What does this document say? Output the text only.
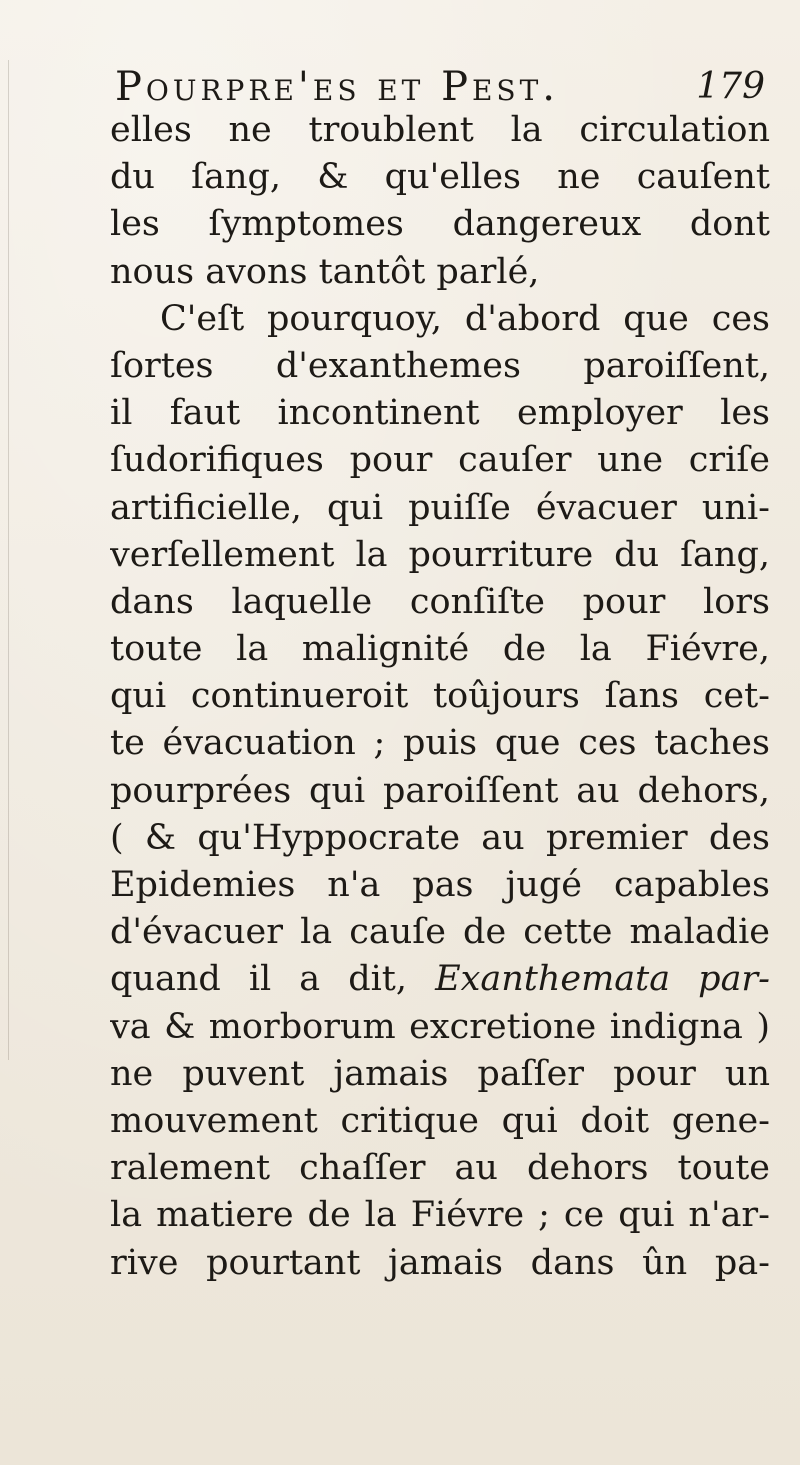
Pourpre'es et Pest.	179
elles ne troublent la circulation
du ſang, & qu'elles ne cauſent
les ſymptomes dangereux dont
nous avons tantôt parlé,
C'eſt pourquoy, d'abord que ces
ſortes d'exanthemes paroiſſent,
il faut incontinent employer les
ſudorifiques pour cauſer une criſe
artificielle, qui puiſſe évacuer uni-
verſellement la pourriture du ſang,
dans laquelle conſiſte pour lors
toute la malignité de la Fiévre,
qui continueroit toûjours ſans cet-
te évacuation ; puis que ces taches
pourprées qui paroiſſent au dehors,
( & qu'Hyppocrate au premier des
Epidemies n'a pas jugé capables
d'évacuer la cauſe de cette maladie
quand il a dit, Exanthemata par-
va & morborum excretione indigna )
ne puvent jamais paſſer pour un
mouvement critique qui doit gene-
ralement chaſſer au dehors toute
la matiere de la Fiévre ; ce qui n'ar-
rive pourtant jamais dans ûn pa-
